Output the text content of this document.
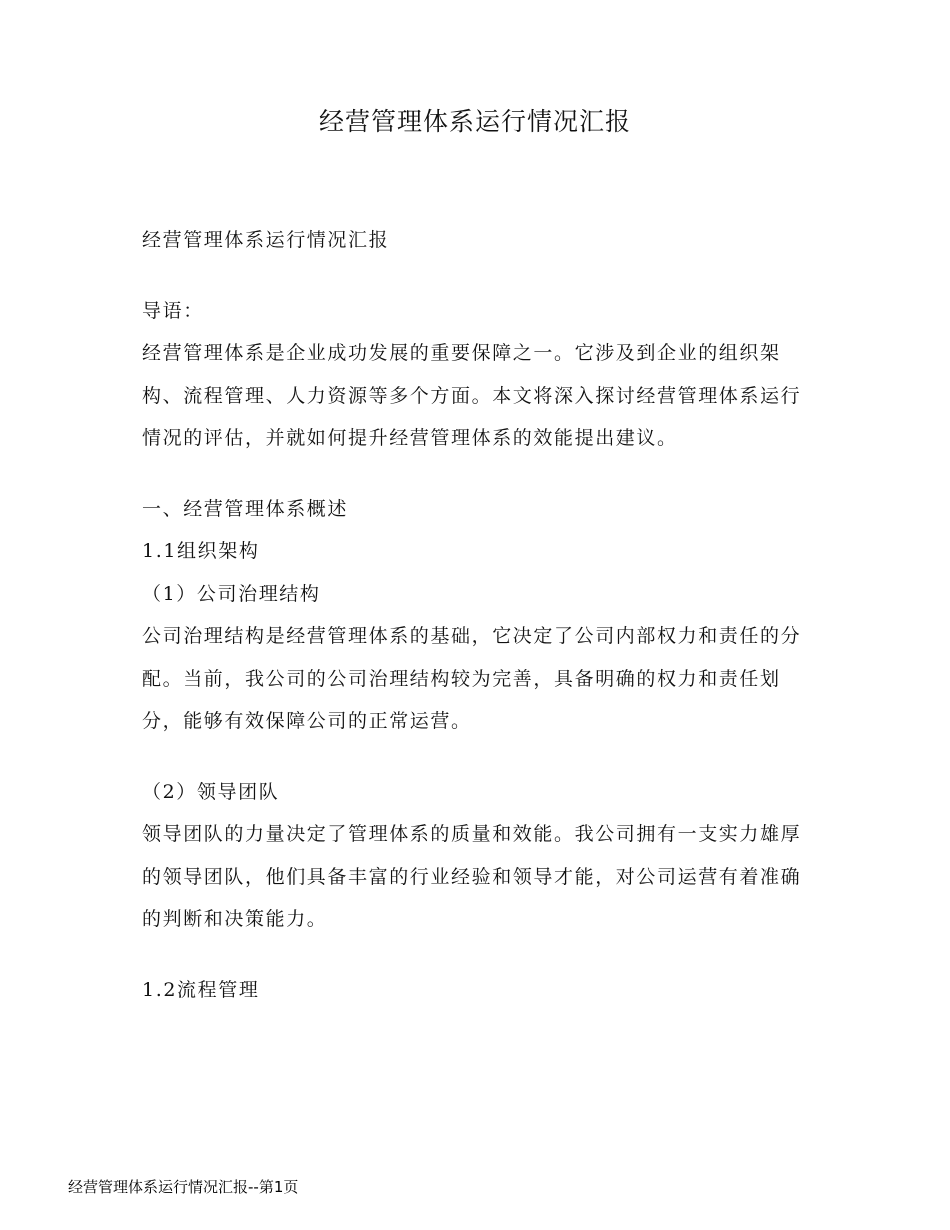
经营管理体系运行情况汇报

经营管理体系运行情况汇报

导语：

经营管理体系是企业成功发展的重要保障之一。它涉及到企业的组织架构、流程管理、人力资源等多个方面。本文将深入探讨经营管理体系运行情况的评估，并就如何提升经营管理体系的效能提出建议。

一、经营管理体系概述

1.1组织架构

（1）公司治理结构

公司治理结构是经营管理体系的基础，它决定了公司内部权力和责任的分配。当前，我公司的公司治理结构较为完善，具备明确的权力和责任划分，能够有效保障公司的正常运营。

（2）领导团队

领导团队的力量决定了管理体系的质量和效能。我公司拥有一支实力雄厚的领导团队，他们具备丰富的行业经验和领导才能，对公司运营有着准确的判断和决策能力。

1.2流程管理

经营管理体系运行情况汇报--第1页
